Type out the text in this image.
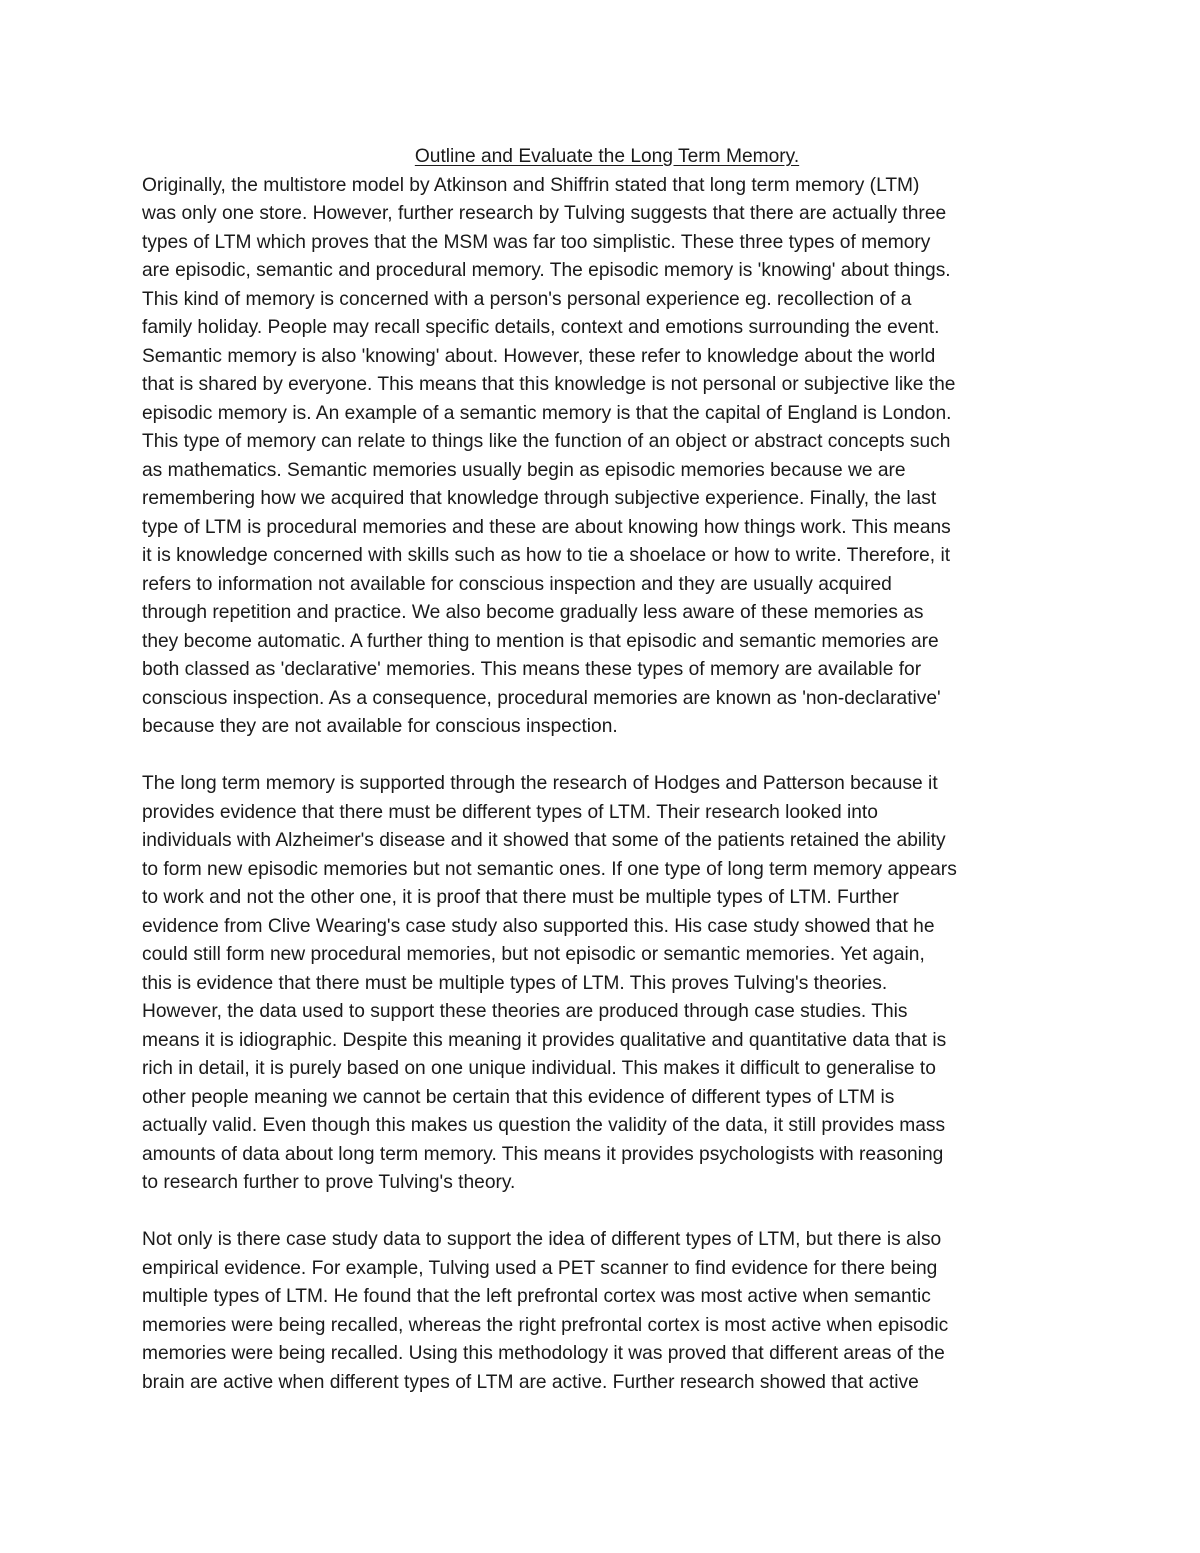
Outline and Evaluate the Long Term Memory.
Originally, the multistore model by Atkinson and Shiffrin stated that long term memory (LTM)
was only one store. However, further research by Tulving suggests that there are actually three
types of LTM which proves that the MSM was far too simplistic. These three types of memory
are episodic, semantic and procedural memory. The episodic memory is 'knowing' about things.
This kind of memory is concerned with a person's personal experience eg. recollection of a
family holiday. People may recall specific details, context and emotions surrounding the event.
Semantic memory is also 'knowing' about. However, these refer to knowledge about the world
that is shared by everyone. This means that this knowledge is not personal or subjective like the
episodic memory is. An example of a semantic memory is that the capital of England is London.
This type of memory can relate to things like the function of an object or abstract concepts such
as mathematics. Semantic memories usually begin as episodic memories because we are
remembering how we acquired that knowledge through subjective experience. Finally, the last
type of LTM is procedural memories and these are about knowing how things work. This means
it is knowledge concerned with skills such as how to tie a shoelace or how to write. Therefore, it
refers to information not available for conscious inspection and they are usually acquired
through repetition and practice. We also become gradually less aware of these memories as
they become automatic. A further thing to mention is that episodic and semantic memories are
both classed as 'declarative' memories. This means these types of memory are available for
conscious inspection. As a consequence, procedural memories are known as 'non-declarative'
because they are not available for conscious inspection.
The long term memory is supported through the research of Hodges and Patterson because it
provides evidence that there must be different types of LTM. Their research looked into
individuals with Alzheimer's disease and it showed that some of the patients retained the ability
to form new episodic memories but not semantic ones. If one type of long term memory appears
to work and not the other one, it is proof that there must be multiple types of LTM. Further
evidence from Clive Wearing's case study also supported this. His case study showed that he
could still form new procedural memories, but not episodic or semantic memories. Yet again,
this is evidence that there must be multiple types of LTM. This proves Tulving's theories.
However, the data used to support these theories are produced through case studies. This
means it is idiographic. Despite this meaning it provides qualitative and quantitative data that is
rich in detail, it is purely based on one unique individual. This makes it difficult to generalise to
other people meaning we cannot be certain that this evidence of different types of LTM is
actually valid. Even though this makes us question the validity of the data, it still provides mass
amounts of data about long term memory. This means it provides psychologists with reasoning
to research further to prove Tulving's theory.
Not only is there case study data to support the idea of different types of LTM, but there is also
empirical evidence. For example, Tulving used a PET scanner to find evidence for there being
multiple types of LTM. He found that the left prefrontal cortex was most active when semantic
memories were being recalled, whereas the right prefrontal cortex is most active when episodic
memories were being recalled. Using this methodology it was proved that different areas of the
brain are active when different types of LTM are active. Further research showed that active
